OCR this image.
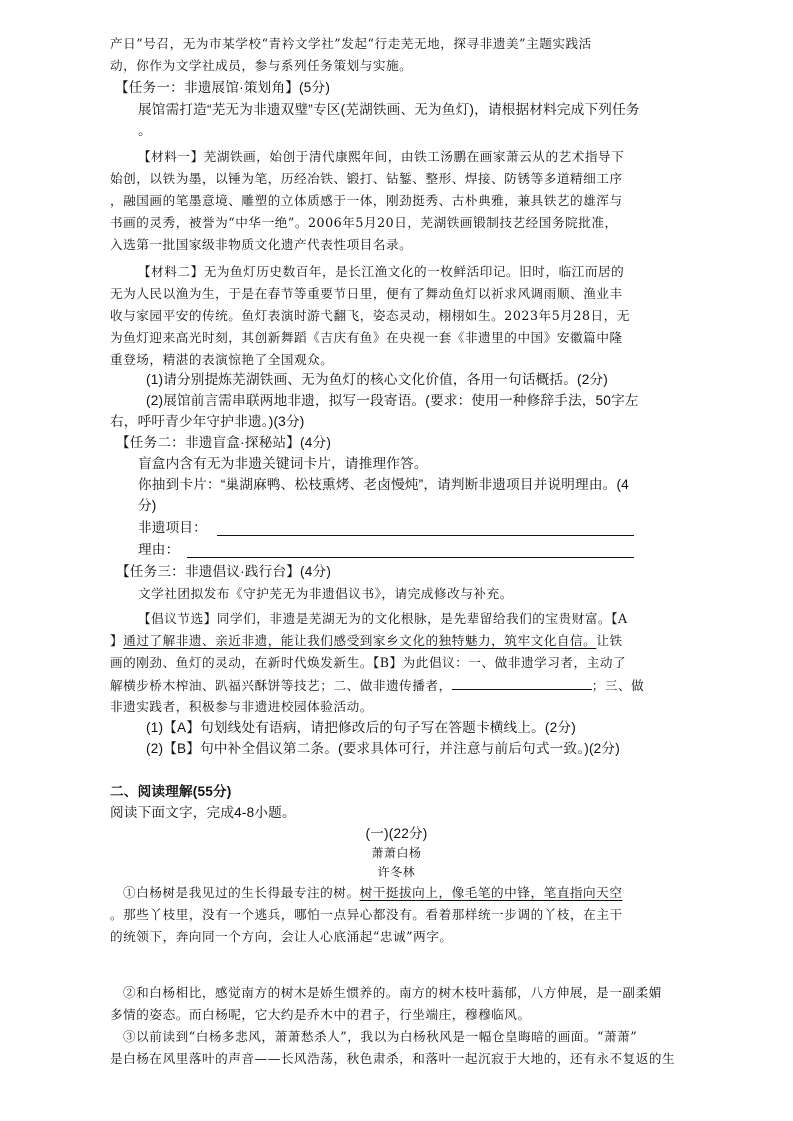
产日”号召，无为市某学校“青衿文学社”发起“行走芜无地，探寻非遗美”主题实践活
动，你作为文学社成员，参与系列任务策划与实施。
【任务一：非遗展馆·策划角】(5分)
展馆需打造“芜无为非遗双璧”专区(芜湖铁画、无为鱼灯)，请根据材料完成下列任务
。
【材料一】芜湖铁画，始创于清代康熙年间，由铁工汤鹏在画家萧云从的艺术指导下
始创，以铁为墨，以锤为笔，历经冶铁、锻打、钻錾、整形、焊接、防锈等多道精细工序
，融国画的笔墨意境、雕塑的立体质感于一体，刚劲挺秀、古朴典雅，兼具铁艺的雄浑与
书画的灵秀，被誉为“中华一绝”。2006年5月20日，芜湖铁画锻制技艺经国务院批准，
入选第一批国家级非物质文化遗产代表性项目名录。
【材料二】无为鱼灯历史数百年，是长江渔文化的一枚鲜活印记。旧时，临江而居的
无为人民以渔为生，于是在春节等重要节日里，便有了舞动鱼灯以祈求风调雨顺、渔业丰
收与家园平安的传统。鱼灯表演时游弋翻飞，姿态灵动，栩栩如生。2023年5月28日，无
为鱼灯迎来高光时刻，其创新舞蹈《吉庆有鱼》在央视一套《非遗里的中国》安徽篇中隆
重登场，精湛的表演惊艳了全国观众。
(1)请分别提炼芜湖铁画、无为鱼灯的核心文化价值，各用一句话概括。(2分)
(2)展馆前言需串联两地非遗，拟写一段寄语。(要求：使用一种修辞手法，50字左
右，呼吁青少年守护非遗。)(3分)
【任务二：非遗盲盒·探秘站】(4分)
盲盒内含有无为非遗关键词卡片，请推理作答。
你抽到卡片：“巢湖麻鸭、松枝熏烤、老卤慢炖”，请判断非遗项目并说明理由。(4
分)
非遗项目：
理由：
【任务三：非遗倡议·践行台】(4分)
文学社团拟发布《守护芜无为非遗倡议书》，请完成修改与补充。
【倡议节选】同学们，非遗是芜湖无为的文化根脉，是先辈留给我们的宝贵财富。【A
】通过了解非遗、亲近非遗，能让我们感受到家乡文化的独特魅力，筑牢文化自信。让铁
画的刚劲、鱼灯的灵动，在新时代焕发新生。【B】为此倡议：一、做非遗学习者，主动了
解横步桥木榨油、趴福兴酥饼等技艺；二、做非遗传播者，	；三、做
非遗实践者，积极参与非遗进校园体验活动。
(1)【A】句划线处有语病，请把修改后的句子写在答题卡横线上。(2分)
(2)【B】句中补全倡议第二条。(要求具体可行，并注意与前后句式一致。)(2分)
二、阅读理解(55分)
阅读下面文字，完成4-8小题。
(一)(22分)
萧萧白杨
许冬林
①白杨树是我见过的生长得最专注的树。树干挺拔向上，像毛笔的中锋，笔直指向天空
。那些丫枝里，没有一个逃兵，哪怕一点异心都没有。看着那样统一步调的丫枝，在主干
的统领下，奔向同一个方向，会让人心底涌起“忠诚”两字。
②和白杨相比，感觉南方的树木是娇生惯养的。南方的树木枝叶蓊郁，八方伸展，是一副柔媚
多情的姿态。而白杨呢，它大约是乔木中的君子，行坐端庄，穆穆临风。
③以前读到“白杨多悲风，萧萧愁杀人”，我以为白杨秋风是一幅仓皇晦暗的画面。“萧萧”
是白杨在风里落叶的声音——长风浩荡，秋色肃杀，和落叶一起沉寂于大地的，还有永不复返的生
